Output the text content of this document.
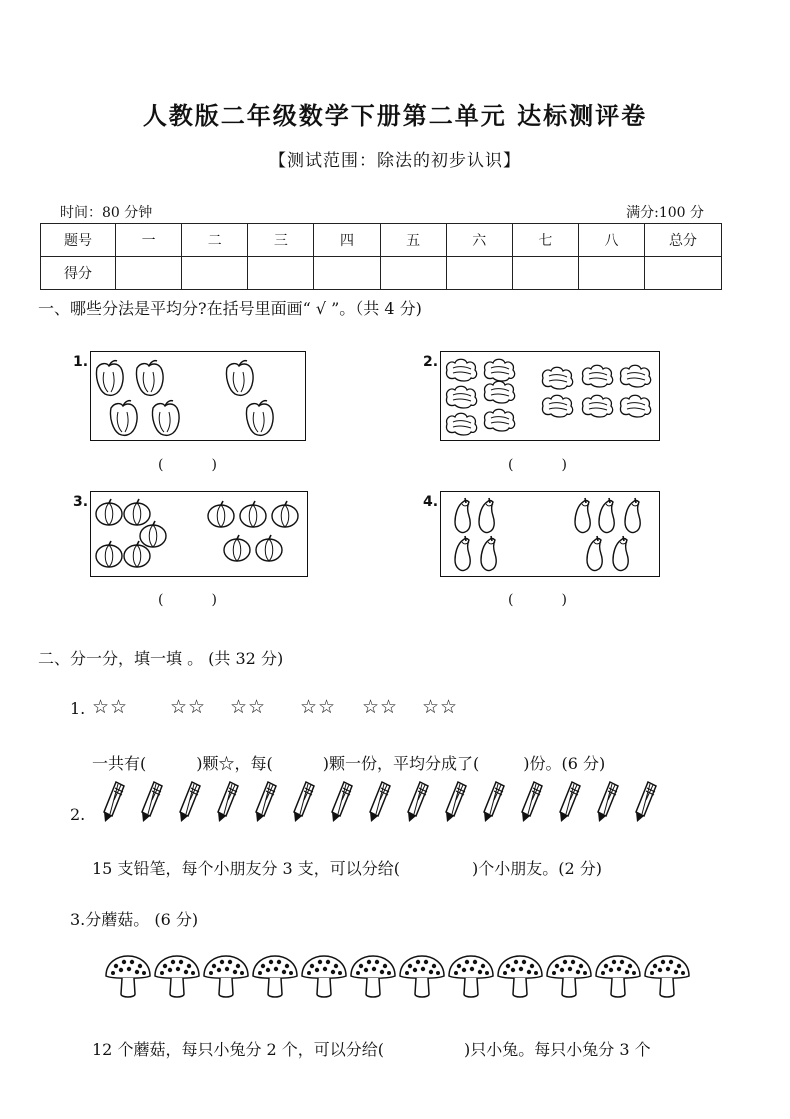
人教版二年级数学下册第二单元 达标测评卷
【测试范围：除法的初步认识】
时间：80 分钟	满分:100 分
题号	一	二	三	四	五	六	七	八	总分
得分									
一、哪些分法是平均分?在括号里面画“ √ ”。（共 4 分)
1.
(	)
2.
(	)
3.
(	)
4.
(	)
二、分一分，填一填 。 (共 32 分)
1. ☆☆ ☆☆ ☆☆ ☆☆ ☆☆ ☆☆
一共有(	)颗☆，每(	)颗一份，平均分成了(	)份。(6 分)
2.
15 支铅笔，每个小朋友分 3 支，可以分给(	)个小朋友。(2 分)
3.分蘑菇。 (6 分)
12 个蘑菇，每只小兔分 2 个，可以分给(	)只小兔。每只小兔分 3 个
